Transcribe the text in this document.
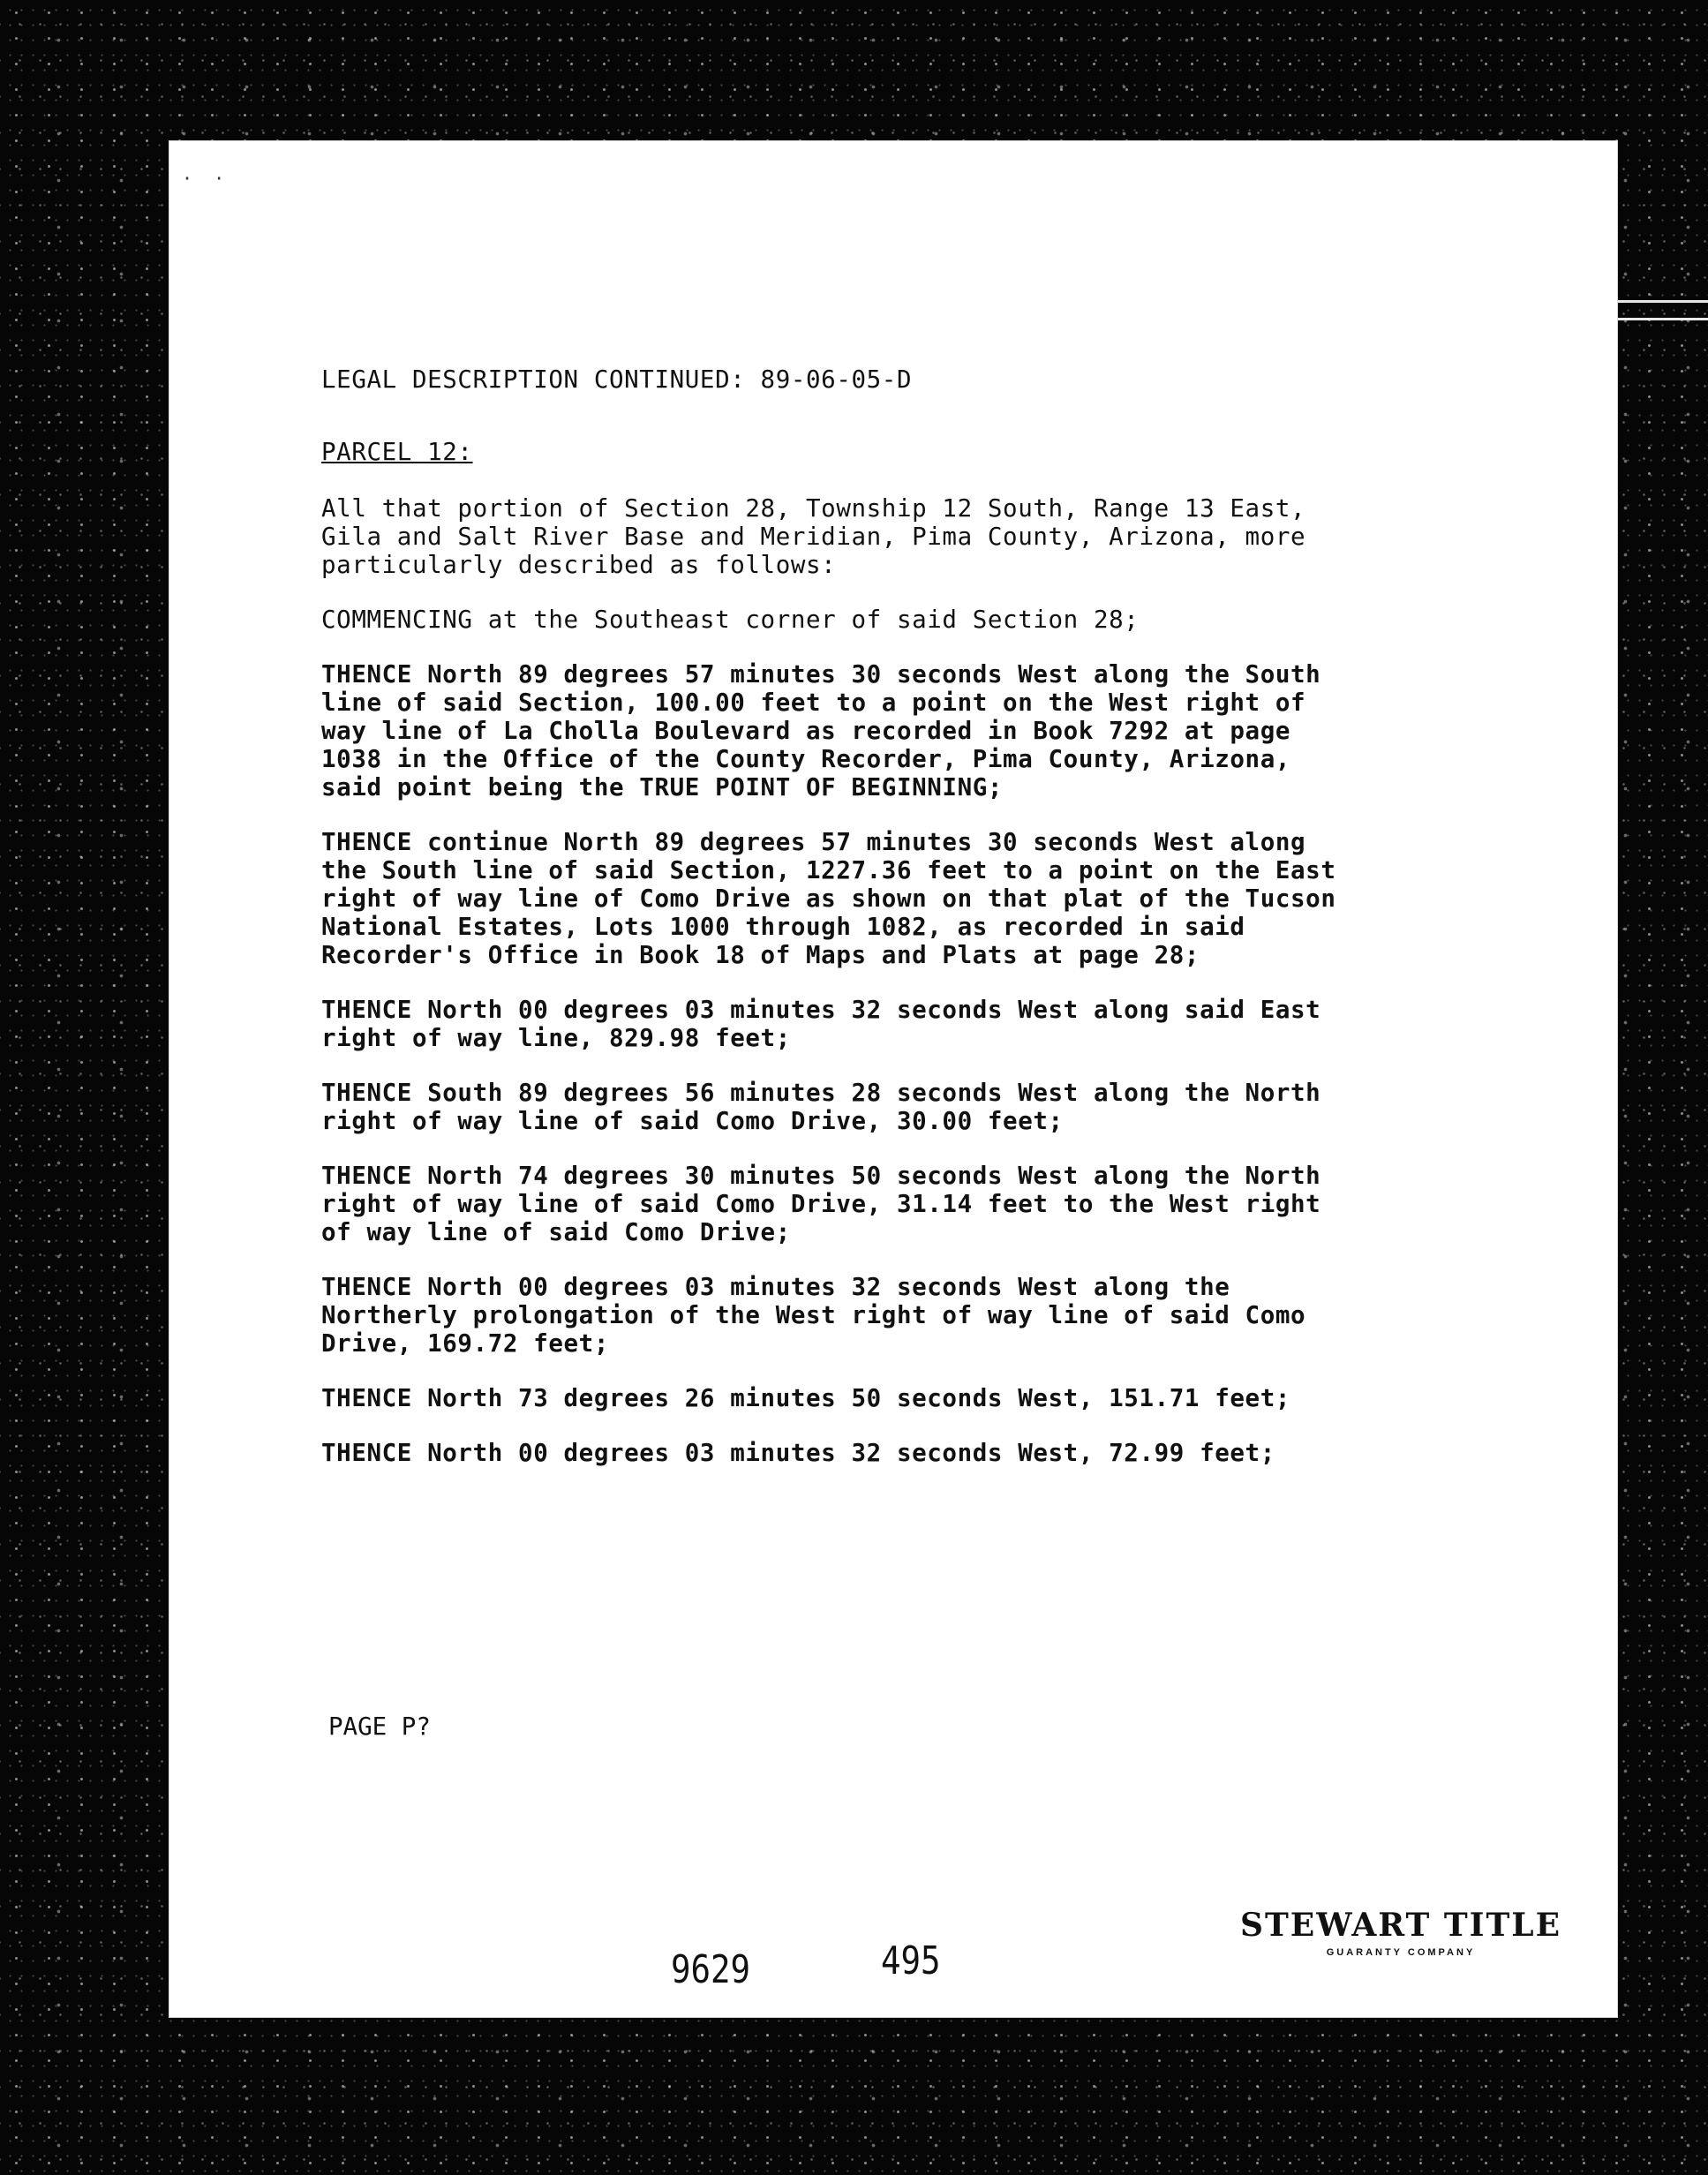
· ·

LEGAL DESCRIPTION CONTINUED: 89-06-05-D

PARCEL 12:

All that portion of Section 28, Township 12 South, Range 13 East,
Gila and Salt River Base and Meridian, Pima County, Arizona, more
particularly described as follows:

COMMENCING at the Southeast corner of said Section 28;

THENCE North 89 degrees 57 minutes 30 seconds West along the South
line of said Section, 100.00 feet to a point on the West right of
way line of La Cholla Boulevard as recorded in Book 7292 at page
1038 in the Office of the County Recorder, Pima County, Arizona,
said point being the TRUE POINT OF BEGINNING;

THENCE continue North 89 degrees 57 minutes 30 seconds West along
the South line of said Section, 1227.36 feet to a point on the East
right of way line of Como Drive as shown on that plat of the Tucson
National Estates, Lots 1000 through 1082, as recorded in said
Recorder's Office in Book 18 of Maps and Plats at page 28;

THENCE North 00 degrees 03 minutes 32 seconds West along said East
right of way line, 829.98 feet;

THENCE South 89 degrees 56 minutes 28 seconds West along the North
right of way line of said Como Drive, 30.00 feet;

THENCE North 74 degrees 30 minutes 50 seconds West along the North
right of way line of said Como Drive, 31.14 feet to the West right
of way line of said Como Drive;

THENCE North 00 degrees 03 minutes 32 seconds West along the
Northerly prolongation of the West right of way line of said Como
Drive, 169.72 feet;

THENCE North 73 degrees 26 minutes 50 seconds West, 151.71 feet;

THENCE North 00 degrees 03 minutes 32 seconds West, 72.99 feet;

PAGE P?
9629	495
STEWART TITLE
GUARANTY COMPANY
